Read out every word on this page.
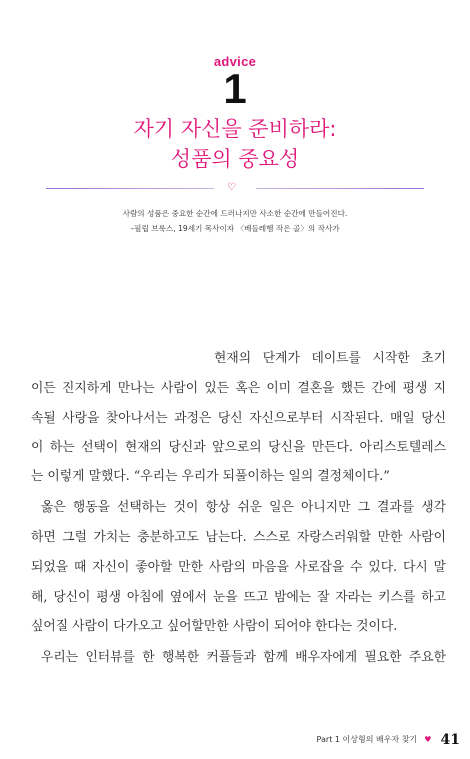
advice
1
자기 자신을 준비하라:
성품의 중요성
♡
사람의 성품은 중요한 순간에 드러나지만 사소한 순간에 만들어진다.
–필립 브룩스, 19세기 목사이자 〈베들레헴 작은 골〉의 작사가
현재의 단계가 데이트를 시작한 초기
이든 진지하게 만나는 사람이 있든 혹은 이미 결혼을 했든 간에 평생 지
속될 사랑을 찾아나서는 과정은 당신 자신으로부터 시작된다. 매일 당신
이 하는 선택이 현재의 당신과 앞으로의 당신을 만든다. 아리스토텔레스
는 이렇게 말했다. “우리는 우리가 되풀이하는 일의 결정체이다.”
옳은 행동을 선택하는 것이 항상 쉬운 일은 아니지만 그 결과를 생각
하면 그럴 가치는 충분하고도 남는다. 스스로 자랑스러워할 만한 사람이
되었을 때 자신이 좋아할 만한 사람의 마음을 사로잡을 수 있다. 다시 말
해, 당신이 평생 아침에 옆에서 눈을 뜨고 밤에는 잘 자라는 키스를 하고
싶어질 사람이 다가오고 싶어할만한 사람이 되어야 한다는 것이다.
우리는 인터뷰를 한 행복한 커플들과 함께 배우자에게 필요한 주요한
Part 1 이상형의 배우자 찾기 ♥ 41
